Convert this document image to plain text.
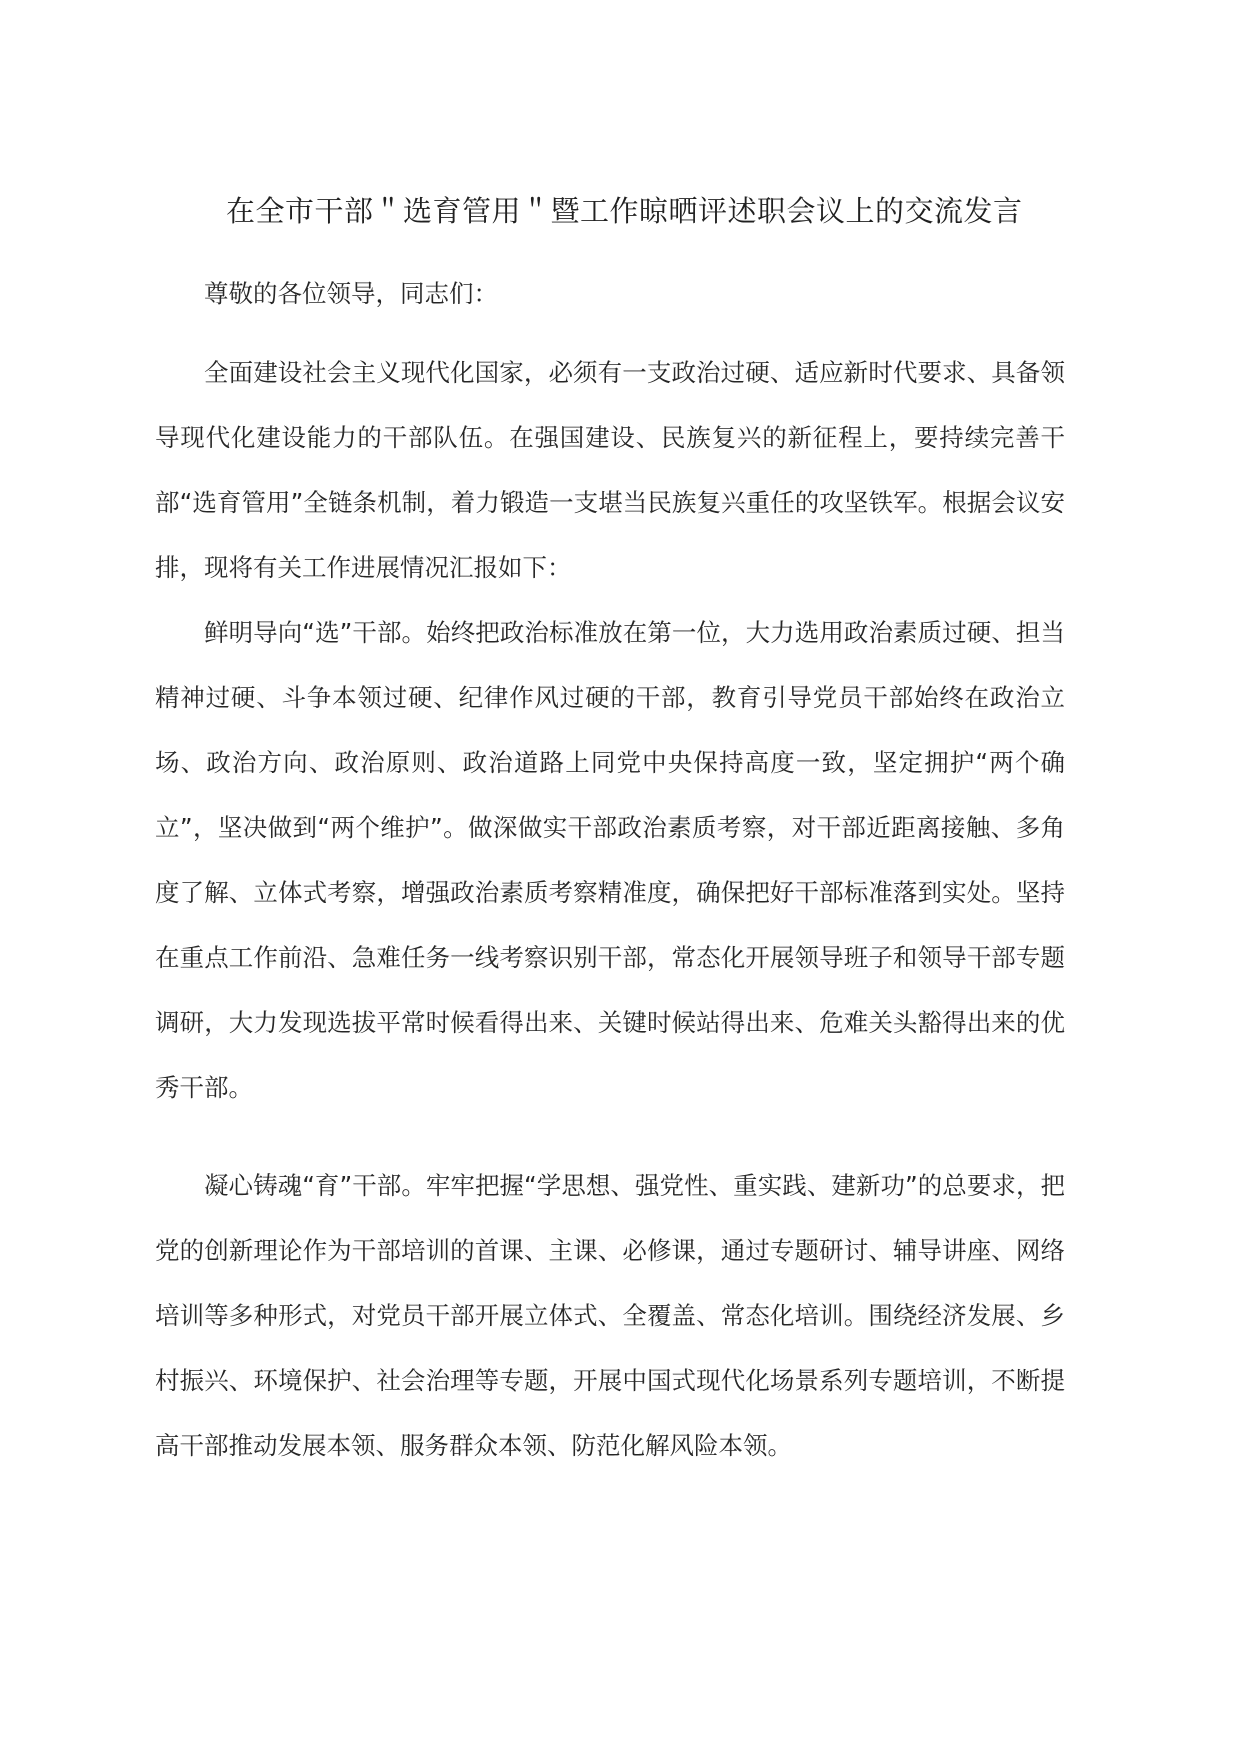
在全市干部＂选育管用＂暨工作晾晒评述职会议上的交流发言

尊敬的各位领导，同志们：

全面建设社会主义现代化国家，必须有一支政治过硬、适应新时代要求、具备领导现代化建设能力的干部队伍。在强国建设、民族复兴的新征程上，要持续完善干部“选育管用”全链条机制，着力锻造一支堪当民族复兴重任的攻坚铁军。根据会议安排，现将有关工作进展情况汇报如下：

鲜明导向“选”干部。始终把政治标准放在第一位，大力选用政治素质过硬、担当精神过硬、斗争本领过硬、纪律作风过硬的干部，教育引导党员干部始终在政治立场、政治方向、政治原则、政治道路上同党中央保持高度一致，坚定拥护“两个确立”，坚决做到“两个维护”。做深做实干部政治素质考察，对干部近距离接触、多角度了解、立体式考察，增强政治素质考察精准度，确保把好干部标准落到实处。坚持在重点工作前沿、急难任务一线考察识别干部，常态化开展领导班子和领导干部专题调研，大力发现选拔平常时候看得出来、关键时候站得出来、危难关头豁得出来的优秀干部。

凝心铸魂“育”干部。牢牢把握“学思想、强党性、重实践、建新功”的总要求，把党的创新理论作为干部培训的首课、主课、必修课，通过专题研讨、辅导讲座、网络培训等多种形式，对党员干部开展立体式、全覆盖、常态化培训。围绕经济发展、乡村振兴、环境保护、社会治理等专题，开展中国式现代化场景系列专题培训，不断提高干部推动发展本领、服务群众本领、防范化解风险本领。
